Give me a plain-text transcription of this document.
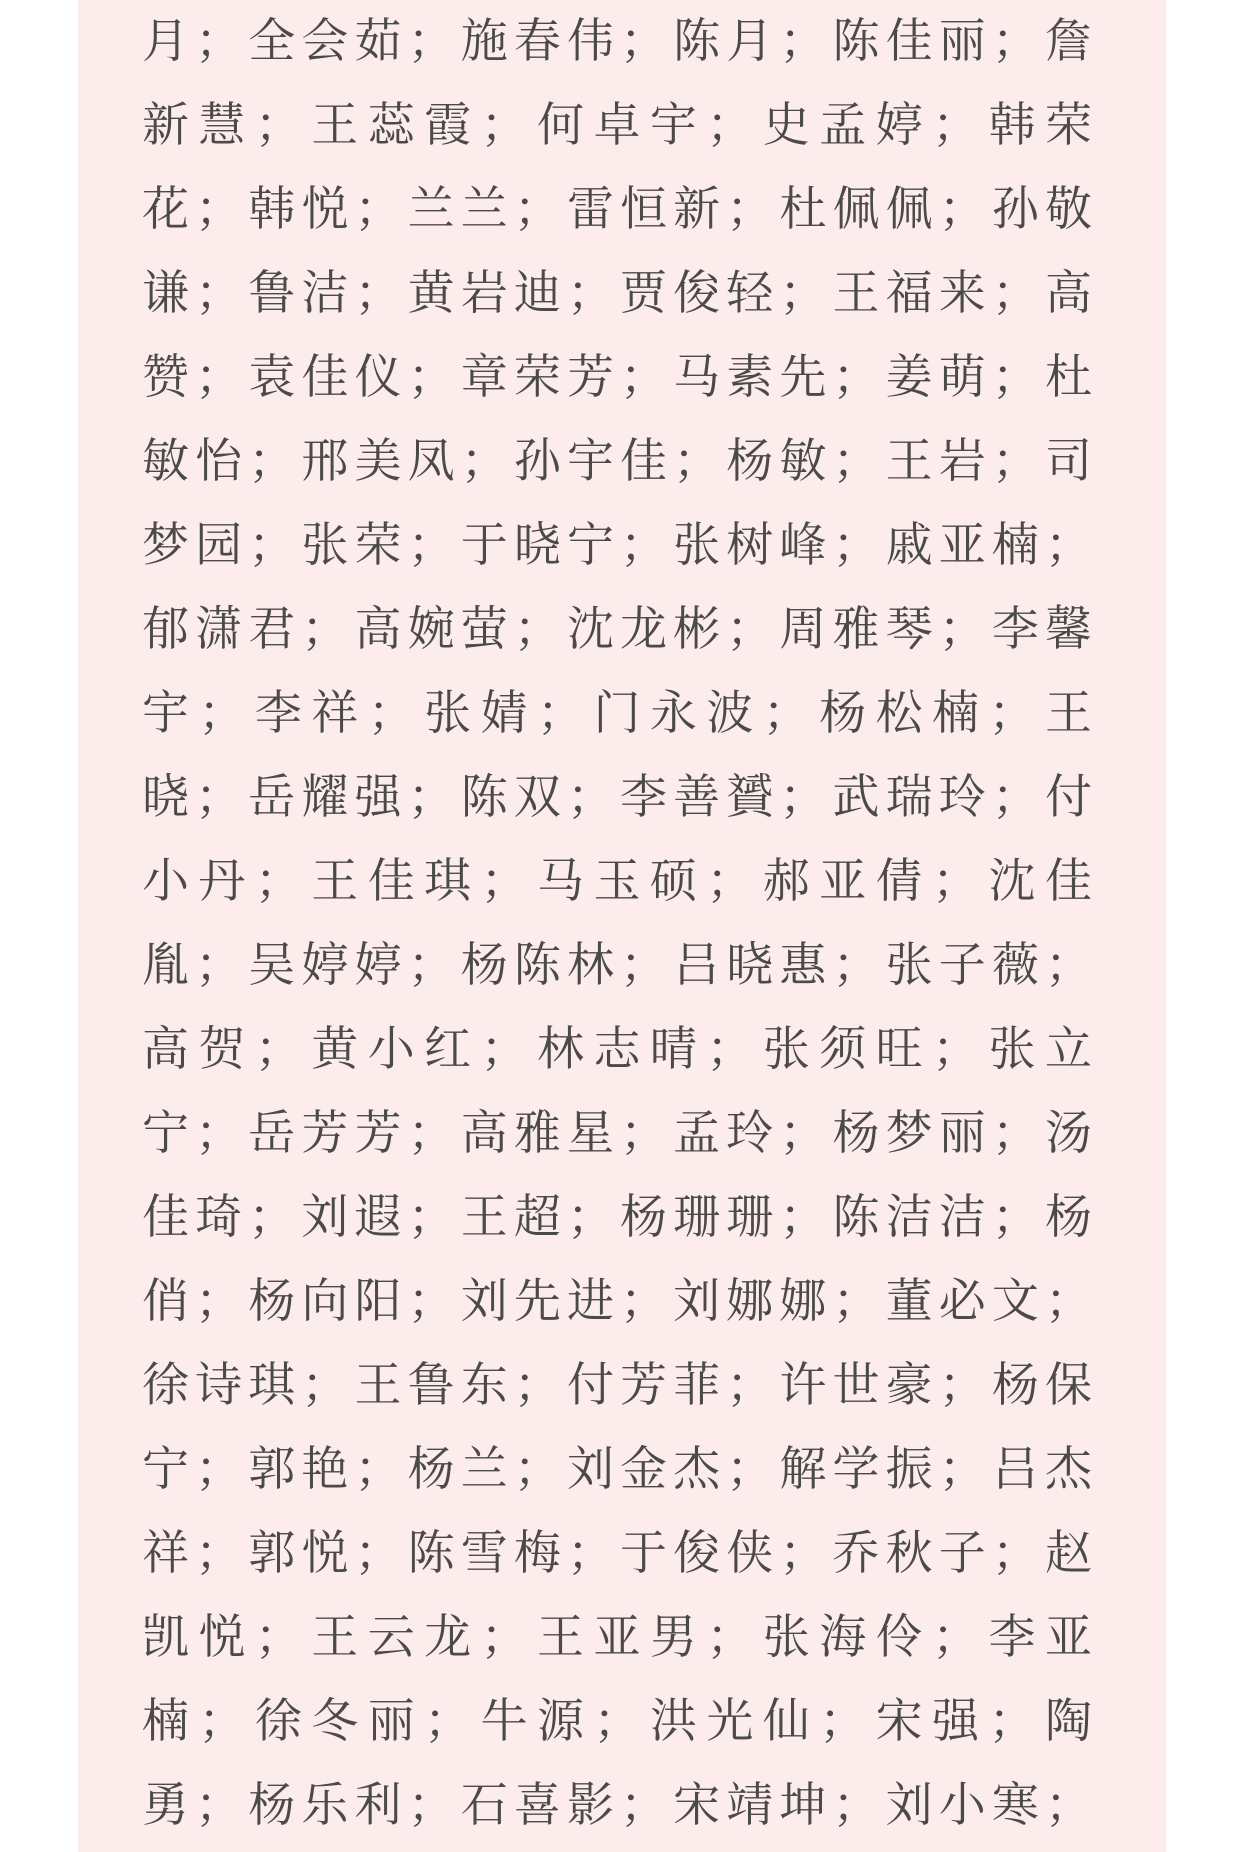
月；全会茹；施春伟；陈月；陈佳丽；詹
新慧；王蕊霞；何卓宇；史孟婷；韩荣
花；韩悦；兰兰；雷恒新；杜佩佩；孙敬
谦；鲁洁；黄岩迪；贾俊轻；王福来；高
赞；袁佳仪；章荣芳；马素先；姜萌；杜
敏怡；邢美凤；孙宇佳；杨敏；王岩；司
梦园；张荣；于晓宁；张树峰；戚亚楠；
郁潇君；高婉萤；沈龙彬；周雅琴；李馨
宇；李祥；张婧；门永波；杨松楠；王
晓；岳耀强；陈双；李善贇；武瑞玲；付
小丹；王佳琪；马玉硕；郝亚倩；沈佳
胤；吴婷婷；杨陈林；吕晓惠；张子薇；
高贺；黄小红；林志晴；张须旺；张立
宁；岳芳芳；高雅星；孟玲；杨梦丽；汤
佳琦；刘遐；王超；杨珊珊；陈洁洁；杨
俏；杨向阳；刘先进；刘娜娜；董必文；
徐诗琪；王鲁东；付芳菲；许世豪；杨保
宁；郭艳；杨兰；刘金杰；解学振；吕杰
祥；郭悦；陈雪梅；于俊侠；乔秋子；赵
凯悦；王云龙；王亚男；张海伶；李亚
楠；徐冬丽；牛源；洪光仙；宋强；陶
勇；杨乐利；石喜影；宋靖坤；刘小寒；
